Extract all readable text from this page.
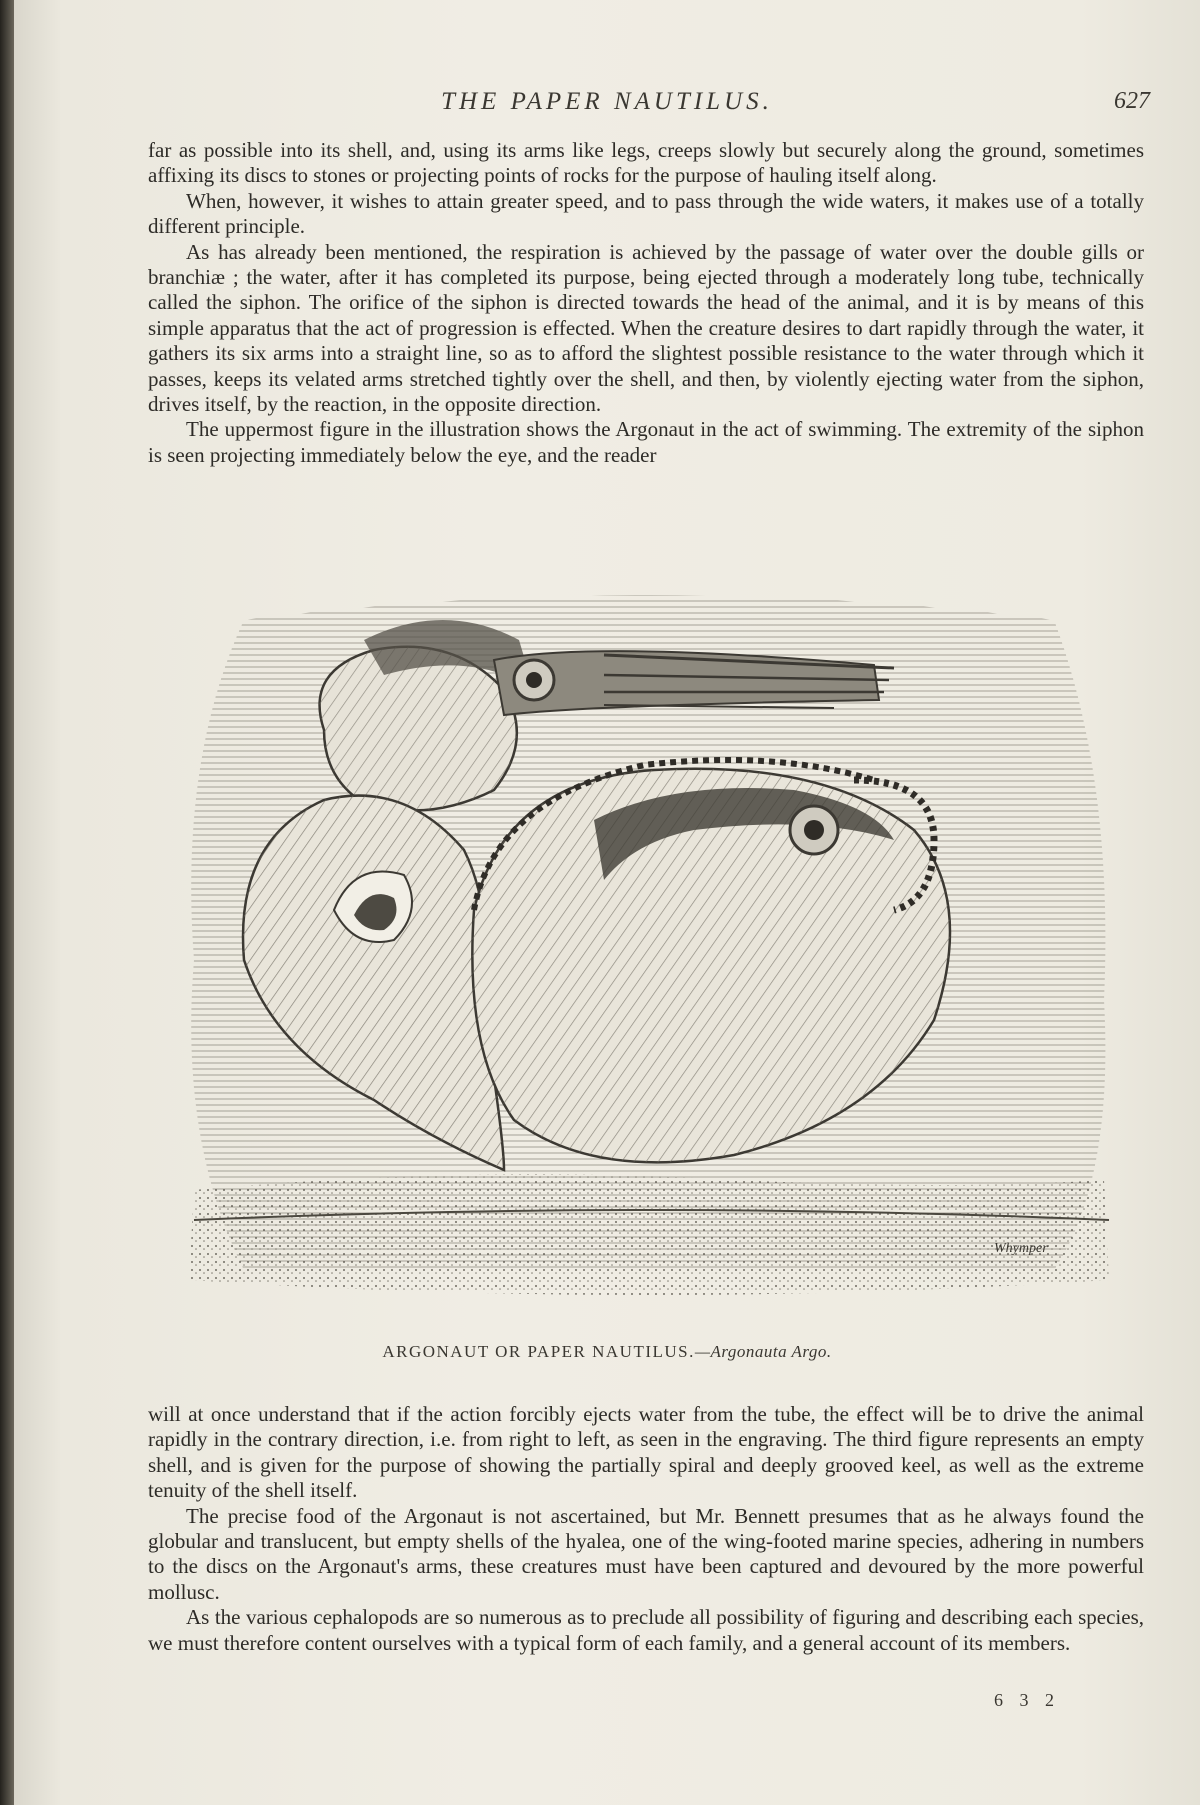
THE PAPER NAUTILUS.	627

far as possible into its shell, and, using its arms like legs, creeps slowly but securely along the ground, sometimes affixing its discs to stones or projecting points of rocks for the purpose of hauling itself along.

When, however, it wishes to attain greater speed, and to pass through the wide waters, it makes use of a totally different principle.

As has already been mentioned, the respiration is achieved by the passage of water over the double gills or branchiæ ; the water, after it has completed its purpose, being ejected through a moderately long tube, technically called the siphon. The orifice of the siphon is directed towards the head of the animal, and it is by means of this simple apparatus that the act of progression is effected. When the creature desires to dart rapidly through the water, it gathers its six arms into a straight line, so as to afford the slightest possible resistance to the water through which it passes, keeps its velated arms stretched tightly over the shell, and then, by violently ejecting water from the siphon, drives itself, by the reaction, in the opposite direction.

The uppermost figure in the illustration shows the Argonaut in the act of swimming. The extremity of the siphon is seen projecting immediately below the eye, and the reader

Whymper
ARGONAUT OR PAPER NAUTILUS.—Argonauta Argo.

will at once understand that if the action forcibly ejects water from the tube, the effect will be to drive the animal rapidly in the contrary direction, i.e. from right to left, as seen in the engraving. The third figure represents an empty shell, and is given for the purpose of showing the partially spiral and deeply grooved keel, as well as the extreme tenuity of the shell itself.

The precise food of the Argonaut is not ascertained, but Mr. Bennett presumes that as he always found the globular and translucent, but empty shells of the hyalea, one of the wing-footed marine species, adhering in numbers to the discs on the Argonaut's arms, these creatures must have been captured and devoured by the more powerful mollusc.

As the various cephalopods are so numerous as to preclude all possibility of figuring and describing each species, we must therefore content ourselves with a typical form of each family, and a general account of its members.

6 3 2
